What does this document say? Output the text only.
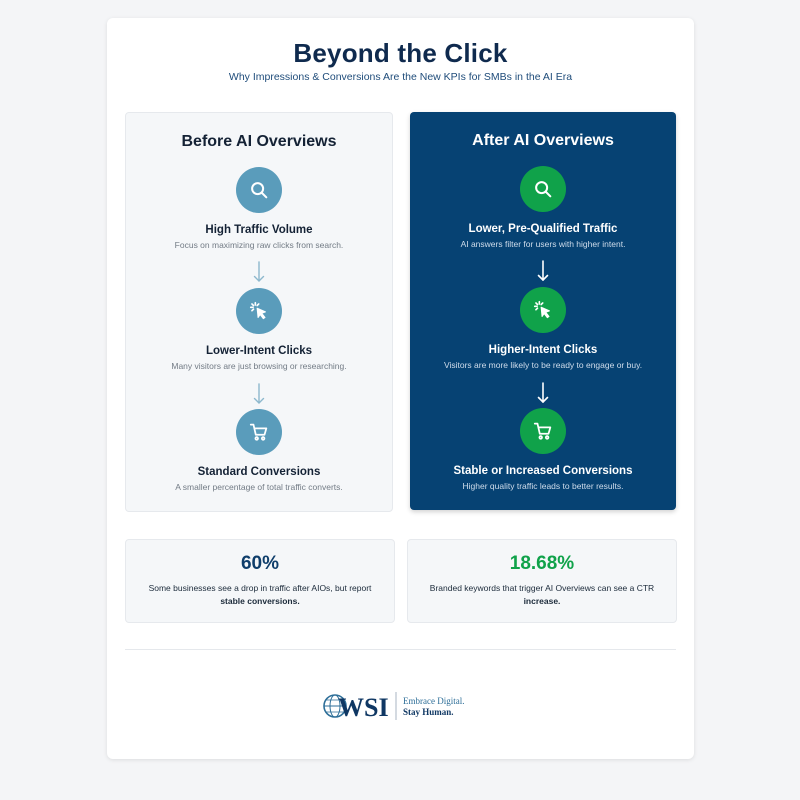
Beyond the Click
Why Impressions & Conversions Are the New KPIs for SMBs in the AI Era
Before AI Overviews
High Traffic Volume
Focus on maximizing raw clicks from search.
Lower-Intent Clicks
Many visitors are just browsing or researching.
Standard Conversions
A smaller percentage of total traffic converts.
After AI Overviews
Lower, Pre-Qualified Traffic
AI answers filter for users with higher intent.
Higher-Intent Clicks
Visitors are more likely to be ready to engage or buy.
Stable or Increased Conversions
Higher quality traffic leads to better results.
60%
Some businesses see a drop in traffic after AIOs, but report stable conversions.
18.68%
Branded keywords that trigger AI Overviews can see a CTR increase.
WSI Embrace Digital.
Stay Human.
